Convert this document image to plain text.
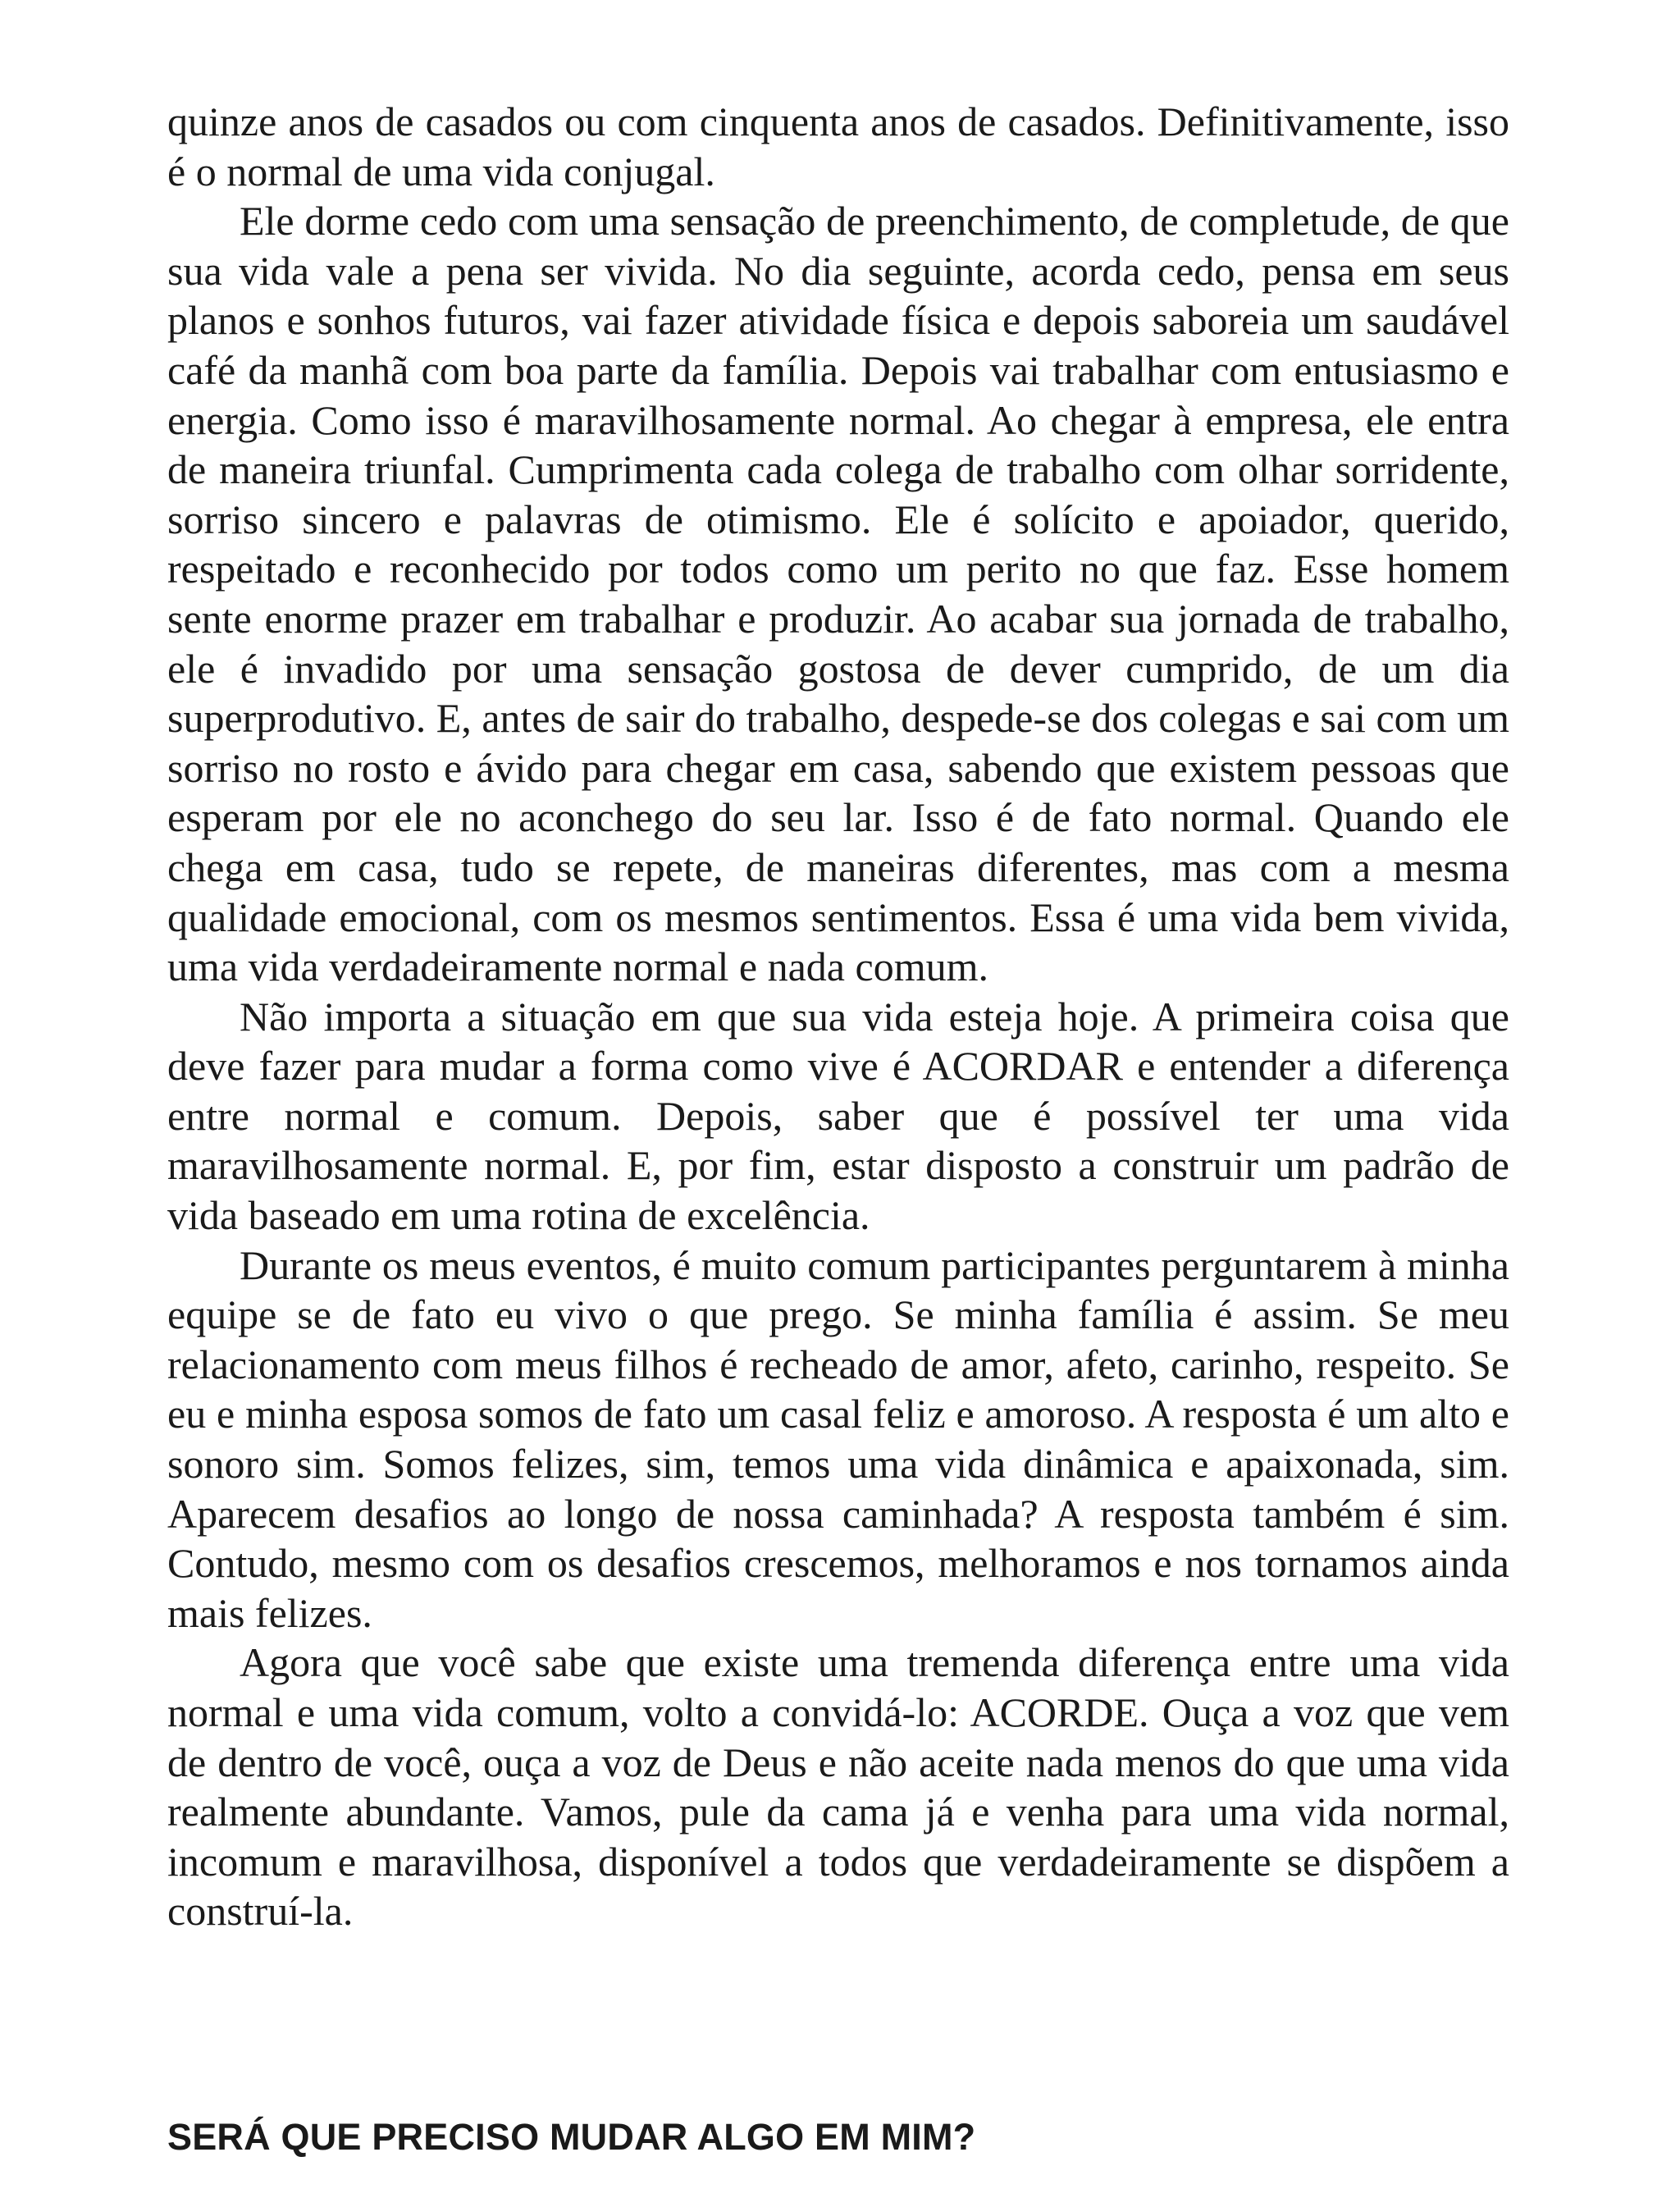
quinze anos de casados ou com cinquenta anos de casados. Definitivamente, isso é o normal de uma vida conjugal.

Ele dorme cedo com uma sensação de preenchimento, de completude, de que sua vida vale a pena ser vivida. No dia seguinte, acorda cedo, pensa em seus planos e sonhos futuros, vai fazer atividade física e depois saboreia um saudável café da manhã com boa parte da família. Depois vai trabalhar com entusiasmo e energia. Como isso é maravilhosamente normal. Ao chegar à empresa, ele entra de maneira triunfal. Cumprimenta cada colega de trabalho com olhar sorridente, sorriso sincero e palavras de otimismo. Ele é solícito e apoiador, querido, respeitado e reconhecido por todos como um perito no que faz. Esse homem sente enorme prazer em trabalhar e produzir. Ao acabar sua jornada de trabalho, ele é invadido por uma sensação gostosa de dever cumprido, de um dia superprodutivo. E, antes de sair do trabalho, despede-se dos colegas e sai com um sorriso no rosto e ávido para chegar em casa, sabendo que existem pessoas que esperam por ele no aconchego do seu lar. Isso é de fato normal. Quando ele chega em casa, tudo se repete, de maneiras diferentes, mas com a mesma qualidade emocional, com os mesmos sentimentos. Essa é uma vida bem vivida, uma vida verdadeiramente normal e nada comum.

Não importa a situação em que sua vida esteja hoje. A primeira coisa que deve fazer para mudar a forma como vive é ACORDAR e entender a diferença entre normal e comum. Depois, saber que é possível ter uma vida maravilhosamente normal. E, por fim, estar disposto a construir um padrão de vida baseado em uma rotina de excelência.

Durante os meus eventos, é muito comum participantes perguntarem à minha equipe se de fato eu vivo o que prego. Se minha família é assim. Se meu relacionamento com meus filhos é recheado de amor, afeto, carinho, respeito. Se eu e minha esposa somos de fato um casal feliz e amoroso. A resposta é um alto e sonoro sim. Somos felizes, sim, temos uma vida dinâmica e apaixonada, sim. Aparecem desafios ao longo de nossa caminhada? A resposta também é sim. Contudo, mesmo com os desafios crescemos, melhoramos e nos tornamos ainda mais felizes.

Agora que você sabe que existe uma tremenda diferença entre uma vida normal e uma vida comum, volto a convidá-lo: ACORDE. Ouça a voz que vem de dentro de você, ouça a voz de Deus e não aceite nada menos do que uma vida realmente abundante. Vamos, pule da cama já e venha para uma vida normal, incomum e maravilhosa, disponível a todos que verdadeiramente se dispõem a construí-la.

SERÁ QUE PRECISO MUDAR ALGO EM MIM?
